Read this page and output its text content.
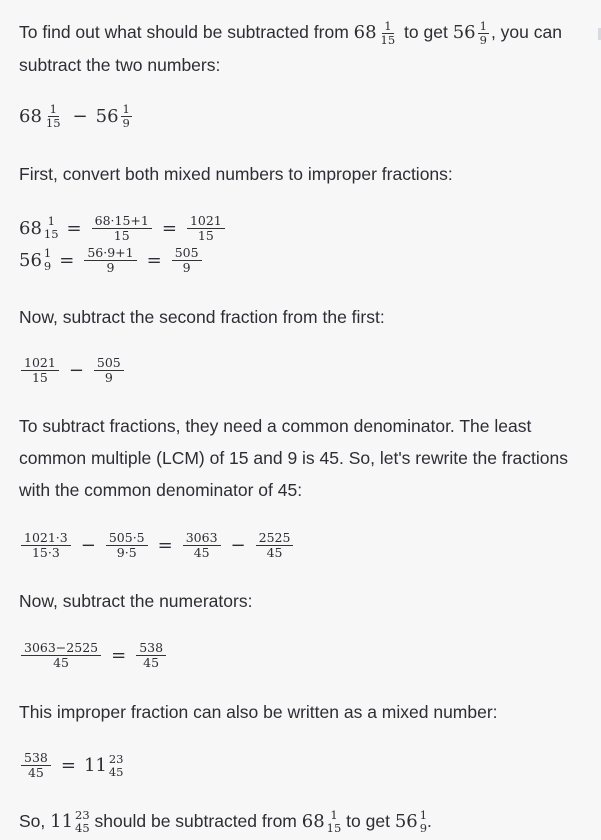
To find out what should be subtracted from $68 \frac{1}{15}$ to get $56 \frac{1}{9}$ , you can subtract the two numbers:

$68 \frac{1}{15} - 56 \frac{1}{9}$

First, convert both mixed numbers to improper fractions:

68 1
$15 = \frac{68\cdot 15+1}{15} = \frac{1021}{15}$
56 1
$9 = \frac{56\cdot 9+1}{9} = \frac{505}{9}$

Now, subtract the second fraction from the first:

$\frac{1021}{15} - \frac{505}{9}$

To subtract fractions, they need a common denominator. The least common multiple (LCM) of 15 and 9 is 45. So, let's rewrite the fractions with the common denominator of 45:

$\frac{1021\cdot 3}{15\cdot 3} - \frac{505\cdot 5}{9\cdot 5} = \frac{3063}{45} - \frac{2525}{45}$

Now, subtract the numerators:

$\frac{3063-2525}{45} = \frac{538}{45}$

This improper fraction can also be written as a mixed number:

$\frac{538}{45} = 11$ 23
45

So, 11 23
45 should be subtracted from 68 1
15 to get 56 1
9 .
